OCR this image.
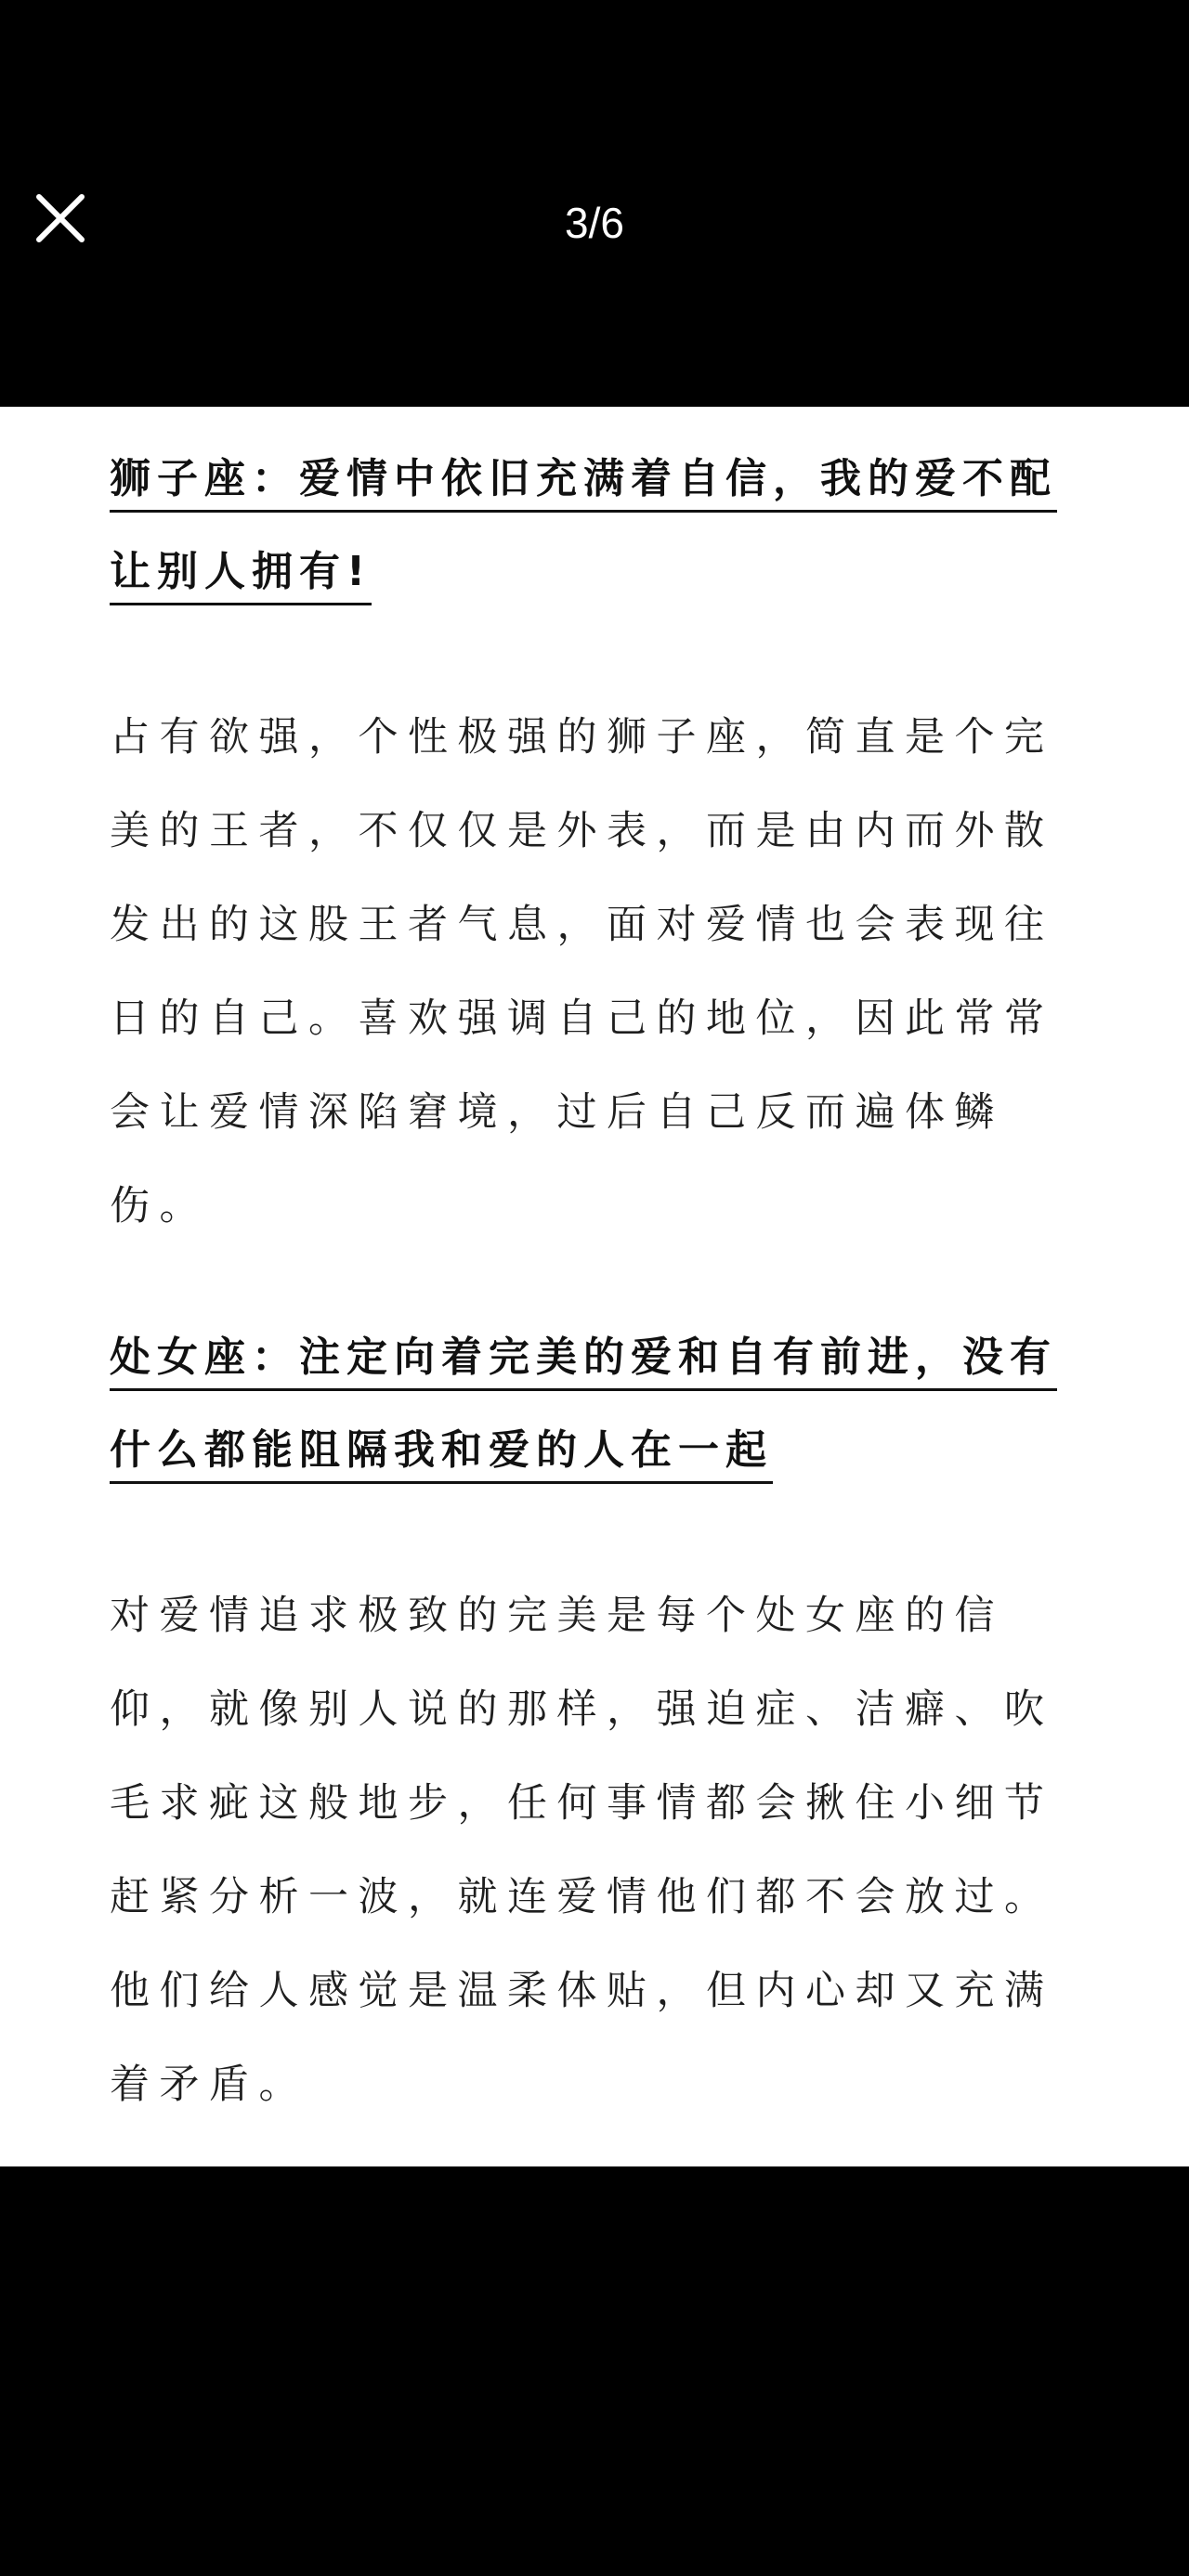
3/6
狮子座：爱情中依旧充满着自信，我的爱不配让别人拥有!

占有欲强，个性极强的狮子座，简直是个完美的王者，不仅仅是外表，而是由内而外散发出的这股王者气息，面对爱情也会表现往日的自己。喜欢强调自己的地位，因此常常会让爱情深陷窘境，过后自己反而遍体鳞伤。

处女座：注定向着完美的爱和自有前进，没有什么都能阻隔我和爱的人在一起

对爱情追求极致的完美是每个处女座的信仰，就像别人说的那样，强迫症、洁癖、吹毛求疵这般地步，任何事情都会揪住小细节赶紧分析一波，就连爱情他们都不会放过。他们给人感觉是温柔体贴，但内心却又充满着矛盾。
